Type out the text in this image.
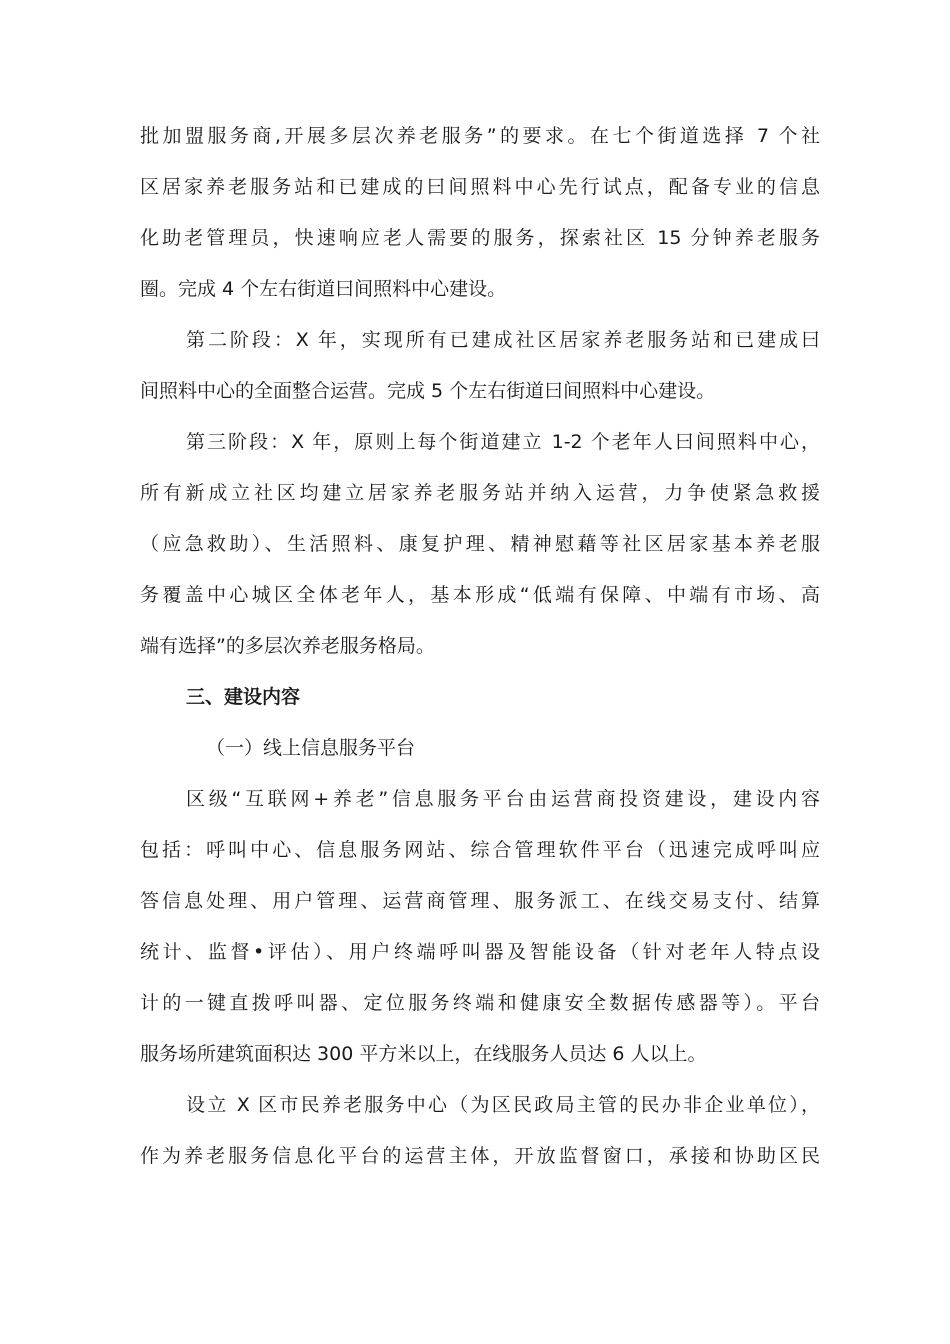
批加盟服务商,开展多层次养老服务”的要求。在七个街道选择 7 个社
区居家养老服务站和已建成的曰间照料中心先行试点，配备专业的信息
化助老管理员，快速响应老人需要的服务，探索社区 15 分钟养老服务
圈。完成 4 个左右街道曰间照料中心建设。
第二阶段：X 年，实现所有已建成社区居家养老服务站和已建成曰
间照料中心的全面整合运营。完成 5 个左右街道曰间照料中心建设。
第三阶段：X 年，原则上每个街道建立 1-2 个老年人曰间照料中心，
所有新成立社区均建立居家养老服务站并纳入运营，力争使紧急救援
（应急救助）、生活照料、康复护理、精神慰藉等社区居家基本养老服
务覆盖中心城区全体老年人，基本形成“低端有保障、中端有市场、高
端有选择”的多层次养老服务格局。
三、建设内容
（一）线上信息服务平台
区级“互联网+养老”信息服务平台由运营商投资建设，建设内容
包括：呼叫中心、信息服务网站、综合管理软件平台（迅速完成呼叫应
答信息处理、用户管理、运营商管理、服务派工、在线交易支付、结算
统计、监督•评估）、用户终端呼叫器及智能设备（针对老年人特点设
计的一键直拨呼叫器、定位服务终端和健康安全数据传感器等）。平台
服务场所建筑面积达 300 平方米以上，在线服务人员达 6 人以上。
设立 X 区市民养老服务中心（为区民政局主管的民办非企业单位），
作为养老服务信息化平台的运营主体，开放监督窗口，承接和协助区民
